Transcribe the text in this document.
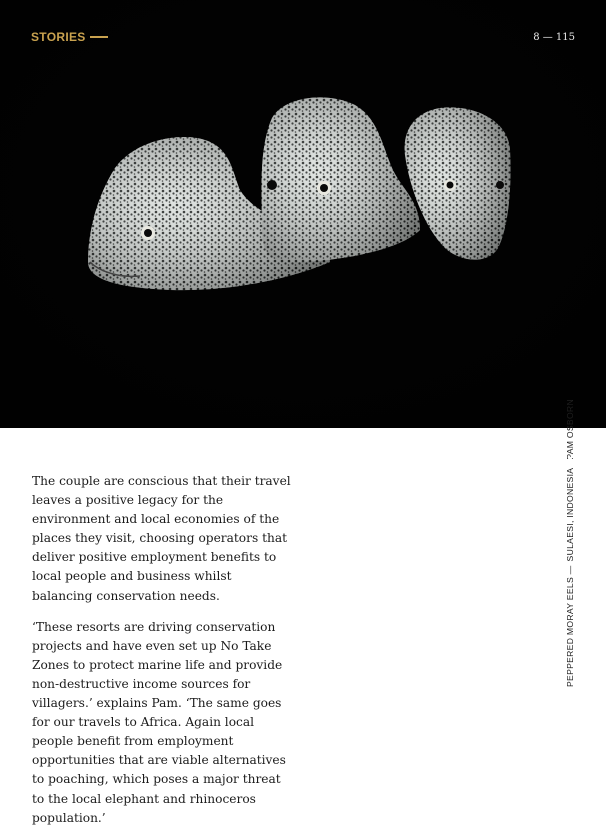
STORIES	8 — 115

The couple are conscious that their travel leaves a positive legacy for the environment and local economies of the places they visit, choosing operators that deliver positive employment benefits to local people and business whilst balancing conservation needs.

‘These resorts are driving conservation projects and have even set up No Take Zones to protect marine life and provide non-destructive income sources for villagers.’ explains Pam. ‘The same goes for our travels to Africa. Again local people benefit from employment opportunities that are viable alternatives to poaching, which poses a major threat to the local elephant and rhinoceros population.’

PEPPERED MORAY EELS —
SULAESI, INDONESIA
PAM OSBORN
